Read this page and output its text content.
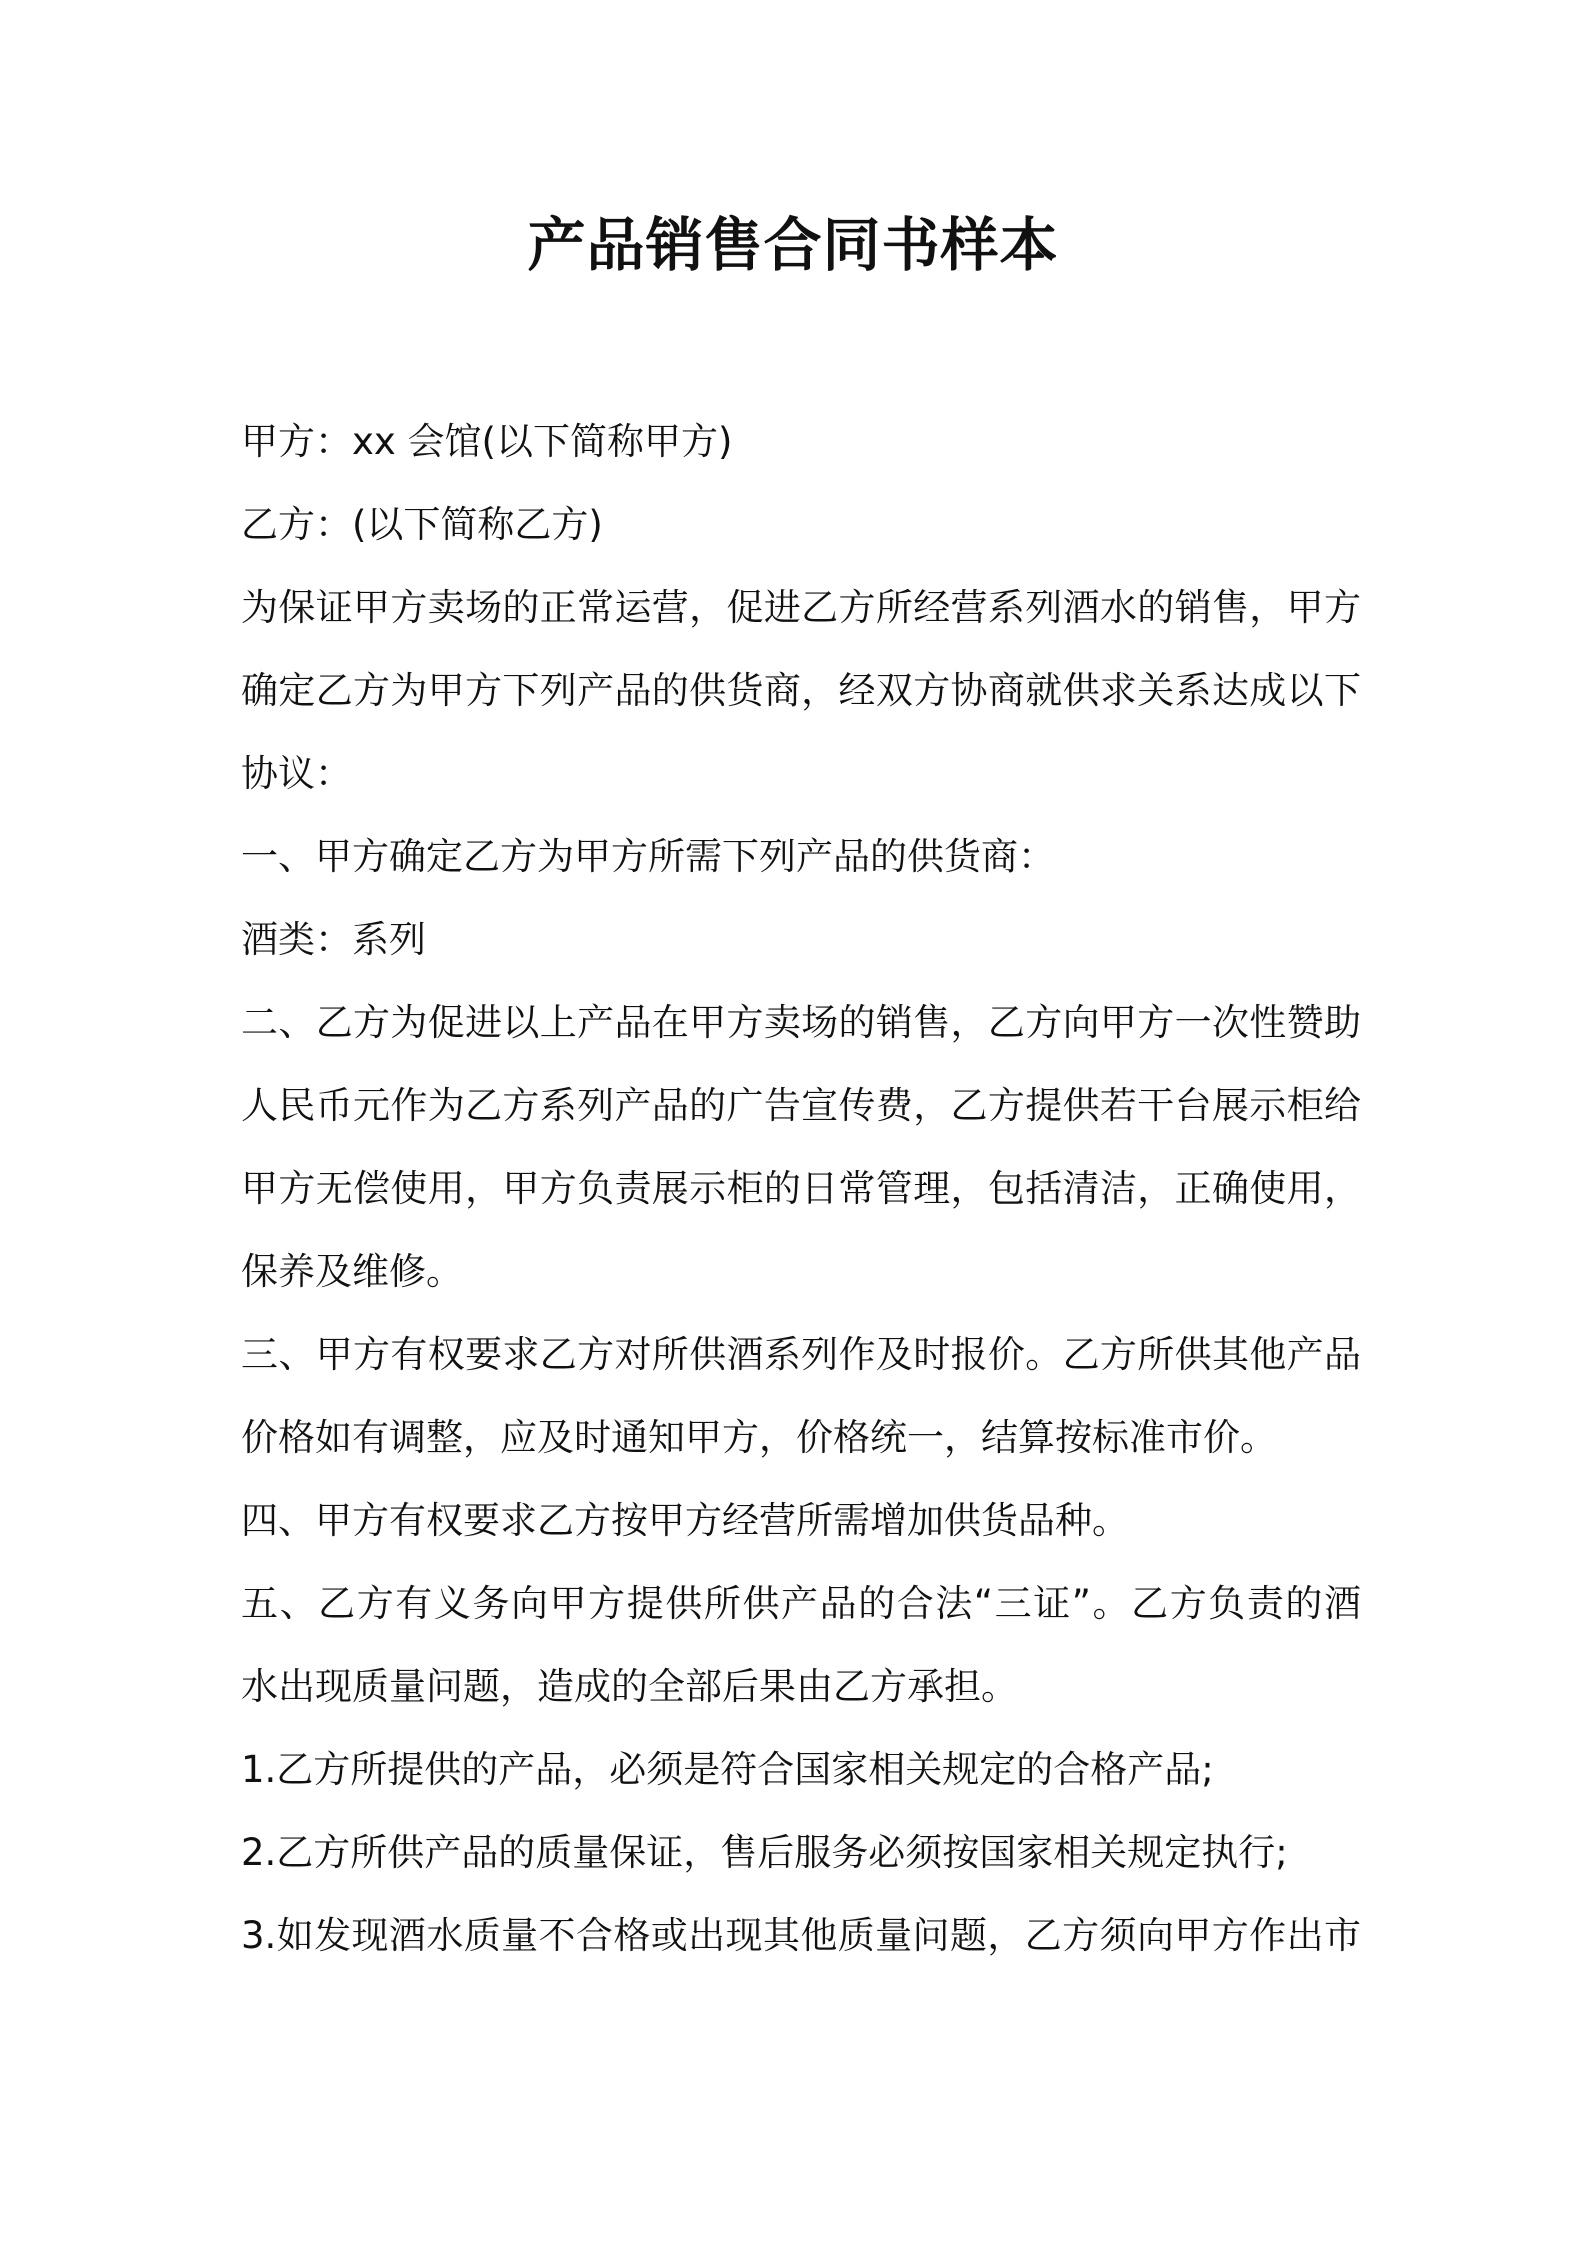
产品销售合同书样本

甲方：xx 会馆(以下简称甲方)

乙方：(以下简称乙方)

为保证甲方卖场的正常运营，促进乙方所经营系列酒水的销售，甲方

确定乙方为甲方下列产品的供货商，经双方协商就供求关系达成以下

协议：

一、甲方确定乙方为甲方所需下列产品的供货商：

酒类：系列

二、乙方为促进以上产品在甲方卖场的销售，乙方向甲方一次性赞助

人民币元作为乙方系列产品的广告宣传费，乙方提供若干台展示柜给

甲方无偿使用，甲方负责展示柜的日常管理，包括清洁，正确使用，

保养及维修。

三、甲方有权要求乙方对所供酒系列作及时报价。乙方所供其他产品

价格如有调整，应及时通知甲方，价格统一，结算按标准市价。

四、甲方有权要求乙方按甲方经营所需增加供货品种。

五、乙方有义务向甲方提供所供产品的合法“三证”。乙方负责的酒

水出现质量问题，造成的全部后果由乙方承担。

1.乙方所提供的产品，必须是符合国家相关规定的合格产品;

2.乙方所供产品的质量保证，售后服务必须按国家相关规定执行;

3.如发现酒水质量不合格或出现其他质量问题，乙方须向甲方作出市
